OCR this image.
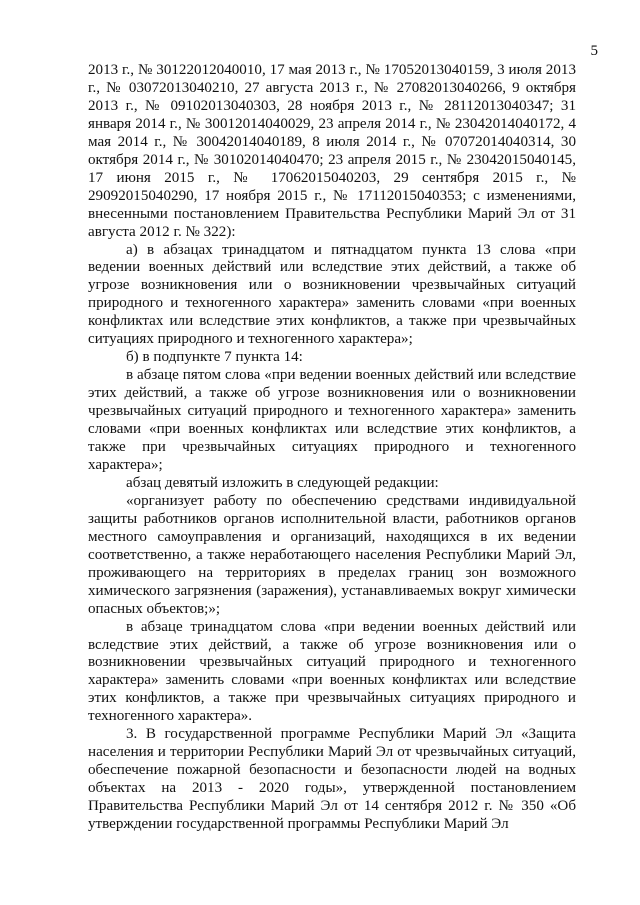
5

2013 г., № 30122012040010, 17 мая 2013 г., № 17052013040159, 3 июля 2013 г., № 03072013040210, 27 августа 2013 г., № 27082013040266, 9 октября 2013 г., № 09102013040303, 28 ноября 2013 г., № 28112013040347; 31 января 2014 г., № 30012014040029, 23 апреля 2014 г., № 23042014040172, 4 мая 2014 г., № 30042014040189, 8 июля 2014 г., № 07072014040314, 30 октября 2014 г., № 30102014040470; 23 апреля 2015 г., № 23042015040145, 17 июня 2015 г., № 17062015040203, 29 сентября 2015 г., № 29092015040290, 17 ноября 2015 г., № 17112015040353; с изменениями, внесенными постановлением Правительства Республики Марий Эл от 31 августа 2012 г. № 322):

а) в абзацах тринадцатом и пятнадцатом пункта 13 слова «при ведении военных действий или вследствие этих действий, а также об угрозе возникновения или о возникновении чрезвычайных ситуаций природного и техногенного характера» заменить словами «при военных конфликтах или вследствие этих конфликтов, а также при чрезвычайных ситуациях природного и техногенного характера»;

б) в подпункте 7 пункта 14:

в абзаце пятом слова «при ведении военных действий или вследствие этих действий, а также об угрозе возникновения или о возникновении чрезвычайных ситуаций природного и техногенного характера» заменить словами «при военных конфликтах или вследствие этих конфликтов, а также при чрезвычайных ситуациях природного и техногенного характера»;

абзац девятый изложить в следующей редакции:

«организует работу по обеспечению средствами индивидуальной защиты работников органов исполнительной власти, работников органов местного самоуправления и организаций, находящихся в их ведении соответственно, а также неработающего населения Республики Марий Эл, проживающего на территориях в пределах границ зон возможного химического загрязнения (заражения), устанавливаемых вокруг химически опасных объектов;»;

в абзаце тринадцатом слова «при ведении военных действий или вследствие этих действий, а также об угрозе возникновения или о возникновении чрезвычайных ситуаций природного и техногенного характера» заменить словами «при военных конфликтах или вследствие этих конфликтов, а также при чрезвычайных ситуациях природного и техногенного характера».

3. В государственной программе Республики Марий Эл «Защита населения и территории Республики Марий Эл от чрезвычайных ситуаций, обеспечение пожарной безопасности и безопасности людей на водных объектах на 2013 - 2020 годы», утвержденной постановлением Правительства Республики Марий Эл от 14 сентября 2012 г. № 350 «Об утверждении государственной программы Республики Марий Эл
